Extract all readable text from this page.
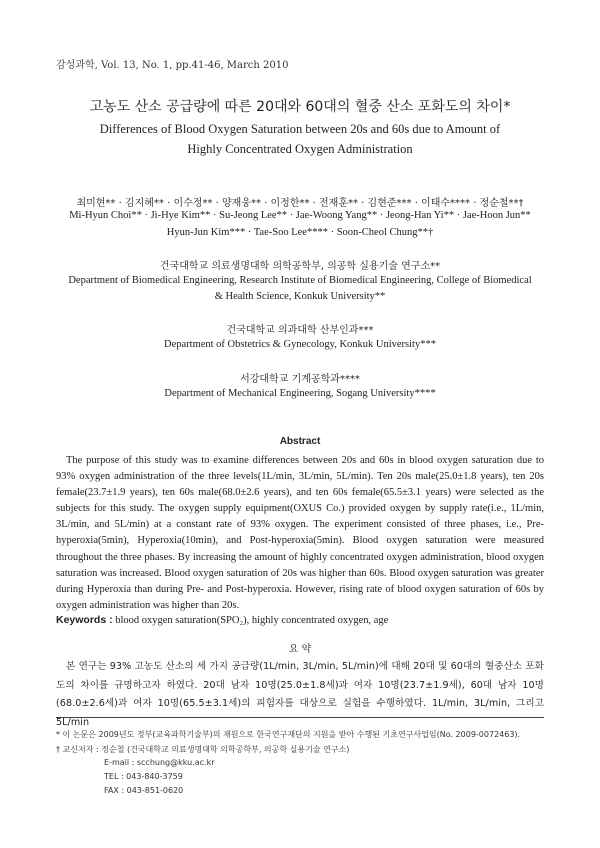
감성과학, Vol. 13, No. 1, pp.41-46, March 2010
고농도 산소 공급량에 따른 20대와 60대의 혈중 산소 포화도의 차이*
Differences of Blood Oxygen Saturation between 20s and 60s due to Amount of
Highly Concentrated Oxygen Administration
최미현** · 김지혜** · 이수정** · 양재웅** · 이정한** · 전재훈** · 김현준*** · 이태수**** · 정순철**†
Mi-Hyun Choi** · Ji-Hye Kim** · Su-Jeong Lee** · Jae-Woong Yang** · Jeong-Han Yi** · Jae-Hoon Jun**
Hyun-Jun Kim*** · Tae-Soo Lee**** · Soon-Cheol Chung**†
건국대학교 의료생명대학 의학공학부, 의공학 실용기술 연구소**
Department of Biomedical Engineering, Research Institute of Biomedical Engineering, College of Biomedical
& Health Science, Konkuk University**
건국대학교 의과대학 산부인과***
Department of Obstetrics & Gynecology, Konkuk University***
서강대학교 기계공학과****
Department of Mechanical Engineering, Sogang University****
Abstract

The purpose of this study was to examine differences between 20s and 60s in blood oxygen saturation due to 93% oxygen administration of the three levels(1L/min, 3L/min, 5L/min). Ten 20s male(25.0±1.8 years), ten 20s female(23.7±1.9 years), ten 60s male(68.0±2.6 years), and ten 60s female(65.5±3.1 years) were selected as the subjects for this study. The oxygen supply equipment(OXUS Co.) provided oxygen by supply rate(i.e., 1L/min, 3L/min, and 5L/min) at a constant rate of 93% oxygen. The experiment consisted of three phases, i.e., Pre-hyperoxia(5min), Hyperoxia(10min), and Post-hyperoxia(5min). Blood oxygen saturation were measured throughout the three phases. By increasing the amount of highly concentrated oxygen administration, blood oxygen saturation was increased. Blood oxygen saturation of 20s was higher than 60s. Blood oxygen saturation was greater during Hyperoxia than during Pre- and Post-hyperoxia. However, rising rate of blood oxygen saturation of 60s by oxygen administration was higher than 20s.

Keywords : blood oxygen saturation(SPO₂), highly concentrated oxygen, age
요 약

본 연구는 93% 고농도 산소의 세 가지 공급량(1L/min, 3L/min, 5L/min)에 대해 20대 및 60대의 혈중산소 포화도의 차이를 규명하고자 하였다. 20대 남자 10명(25.0±1.8세)과 여자 10명(23.7±1.9세), 60대 남자 10명(68.0±2.6세)과 여자 10명(65.5±3.1세)의 피험자를 대상으로 실험을 수행하였다. 1L/min, 3L/min, 그리고 5L/min

* 이 논문은 2009년도 정부(교육과학기술부)의 재원으로 한국연구재단의 지원을 받아 수행된 기초연구사업임(No. 2009-0072463).
† 교신저자 : 정순철 (건국대학교 의료생명대학 의학공학부, 의공학 실용기술 연구소)
E-mail : scchung@kku.ac.kr
TEL : 043-840-3759
FAX : 043-851-0620
